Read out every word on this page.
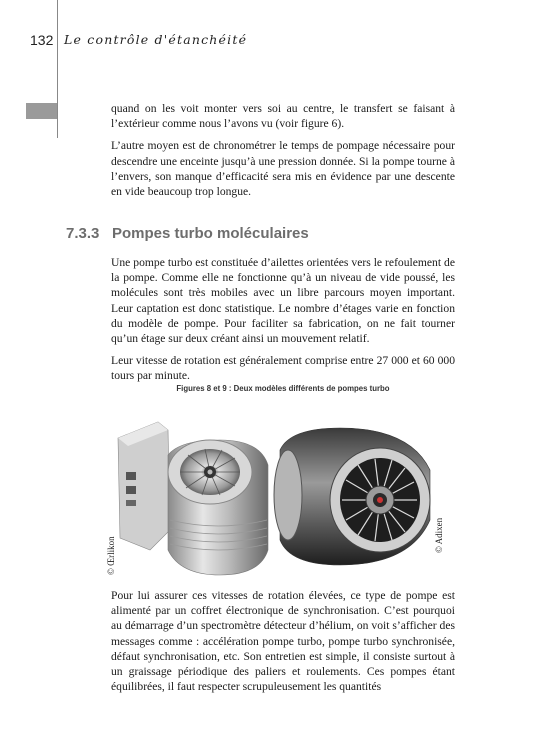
132 Le contrôle d'étanchéité

quand on les voit monter vers soi au centre, le transfert se faisant à l’extérieur comme nous l’avons vu (voir figure 6).

L’autre moyen est de chronométrer le temps de pompage nécessaire pour descendre une enceinte jusqu’à une pression donnée. Si la pompe tourne à l’envers, son manque d’efficacité sera mis en évidence par une descente en vide beaucoup trop longue.

7.3.3 Pompes turbo moléculaires

Une pompe turbo est constituée d’ailettes orientées vers le refoulement de la pompe. Comme elle ne fonctionne qu’à un niveau de vide poussé, les molécules sont très mobiles avec un libre parcours moyen important. Leur captation est donc statistique. Le nombre d’étages varie en fonction du modèle de pompe. Pour faciliter sa fabrication, on ne fait tourner qu’un étage sur deux créant ainsi un mouvement relatif.

Leur vitesse de rotation est généralement comprise entre 27 000 et 60 000 tours par minute.

Figures 8 et 9 : Deux modèles différents de pompes turbo
© Œrlikon
© Adixen

Pour lui assurer ces vitesses de rotation élevées, ce type de pompe est alimenté par un coffret électronique de synchronisation. C’est pourquoi au démarrage d’un spectromètre détecteur d’hélium, on voit s’afficher des messages comme : accélération pompe turbo, pompe turbo synchronisée, défaut synchronisation, etc. Son entretien est simple, il consiste surtout à un graissage périodique des paliers et roulements. Ces pompes étant équilibrées, il faut respecter scrupuleusement les quantités
